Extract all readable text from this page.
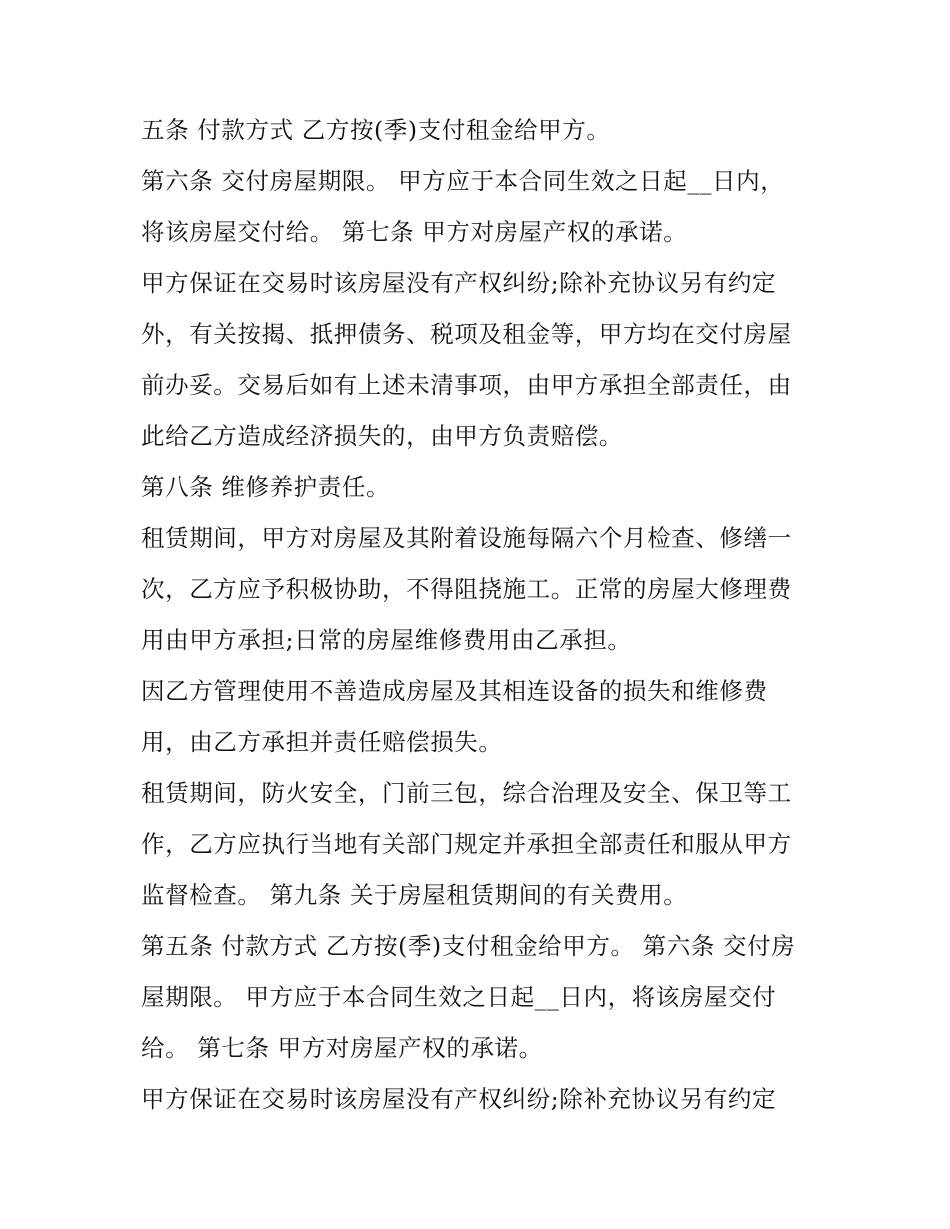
五条 付款方式 乙方按(季)支付租金给甲方。
第六条 交付房屋期限。 甲方应于本合同生效之日起__日内，
将该房屋交付给。 第七条 甲方对房屋产权的承诺。
甲方保证在交易时该房屋没有产权纠纷;除补充协议另有约定
外，有关按揭、抵押债务、税项及租金等，甲方均在交付房屋
前办妥。交易后如有上述未清事项，由甲方承担全部责任，由
此给乙方造成经济损失的，由甲方负责赔偿。
第八条 维修养护责任。
租赁期间，甲方对房屋及其附着设施每隔六个月检查、修缮一
次，乙方应予积极协助，不得阻挠施工。正常的房屋大修理费
用由甲方承担;日常的房屋维修费用由乙承担。
因乙方管理使用不善造成房屋及其相连设备的损失和维修费
用，由乙方承担并责任赔偿损失。
租赁期间，防火安全，门前三包，综合治理及安全、保卫等工
作，乙方应执行当地有关部门规定并承担全部责任和服从甲方
监督检查。 第九条 关于房屋租赁期间的有关费用。
第五条 付款方式 乙方按(季)支付租金给甲方。 第六条 交付房
屋期限。 甲方应于本合同生效之日起__日内，将该房屋交付
给。 第七条 甲方对房屋产权的承诺。
甲方保证在交易时该房屋没有产权纠纷;除补充协议另有约定
